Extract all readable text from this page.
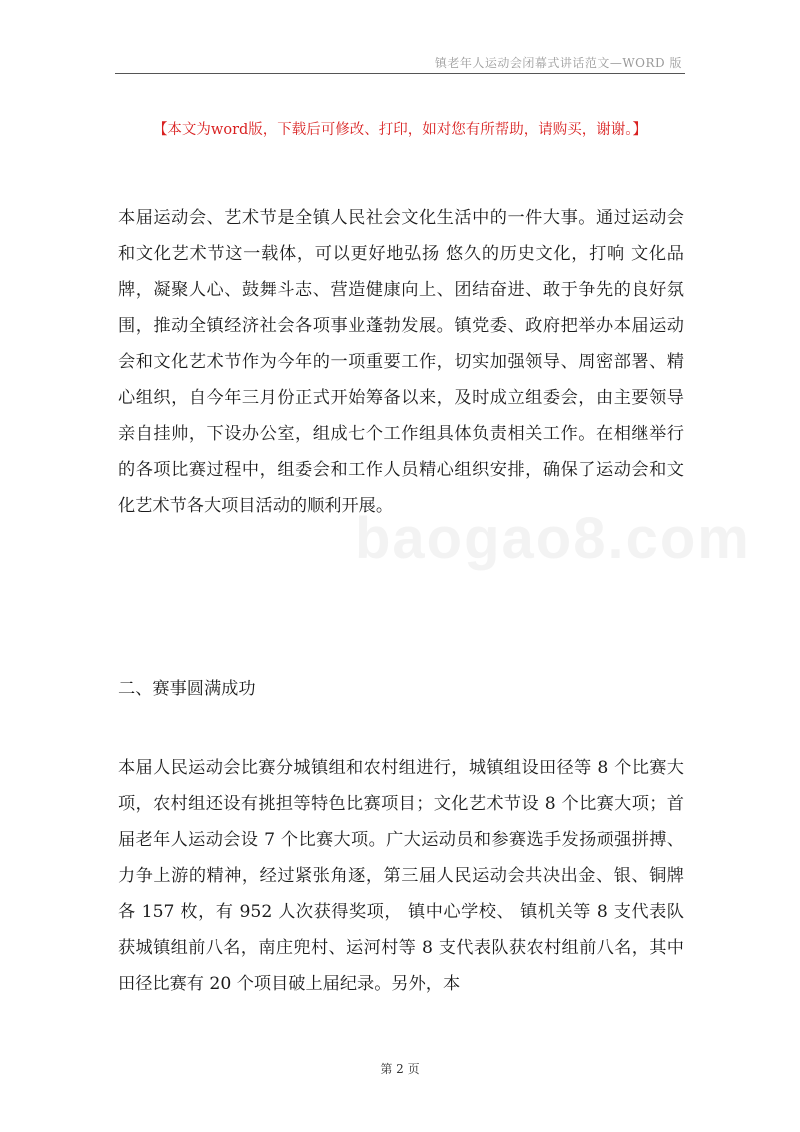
镇老年人运动会闭幕式讲话范文—WORD 版
【本文为word版，下载后可修改、打印，如对您有所帮助，请购买，谢谢。】
baogao8.com
本届运动会、艺术节是全镇人民社会文化生活中的一件大事。通过运动会和文化艺术节这一载体，可以更好地弘扬 悠久的历史文化，打响 文化品牌，凝聚人心、鼓舞斗志、营造健康向上、团结奋进、敢于争先的良好氛围，推动全镇经济社会各项事业蓬勃发展。镇党委、政府把举办本届运动会和文化艺术节作为今年的一项重要工作，切实加强领导、周密部署、精心组织，自今年三月份正式开始筹备以来，及时成立组委会，由主要领导亲自挂帅，下设办公室，组成七个工作组具体负责相关工作。在相继举行的各项比赛过程中，组委会和工作人员精心组织安排，确保了运动会和文化艺术节各大项目活动的顺利开展。
二、赛事圆满成功
本届人民运动会比赛分城镇组和农村组进行，城镇组设田径等 8 个比赛大项，农村组还设有挑担等特色比赛项目；文化艺术节设 8 个比赛大项；首届老年人运动会设 7 个比赛大项。广大运动员和参赛选手发扬顽强拼搏、力争上游的精神，经过紧张角逐，第三届人民运动会共决出金、银、铜牌各 157 枚，有 952 人次获得奖项， 镇中心学校、 镇机关等 8 支代表队获城镇组前八名，南庄兜村、运河村等 8 支代表队获农村组前八名，其中田径比赛有 20 个项目破上届纪录。另外，本
第 2 页
